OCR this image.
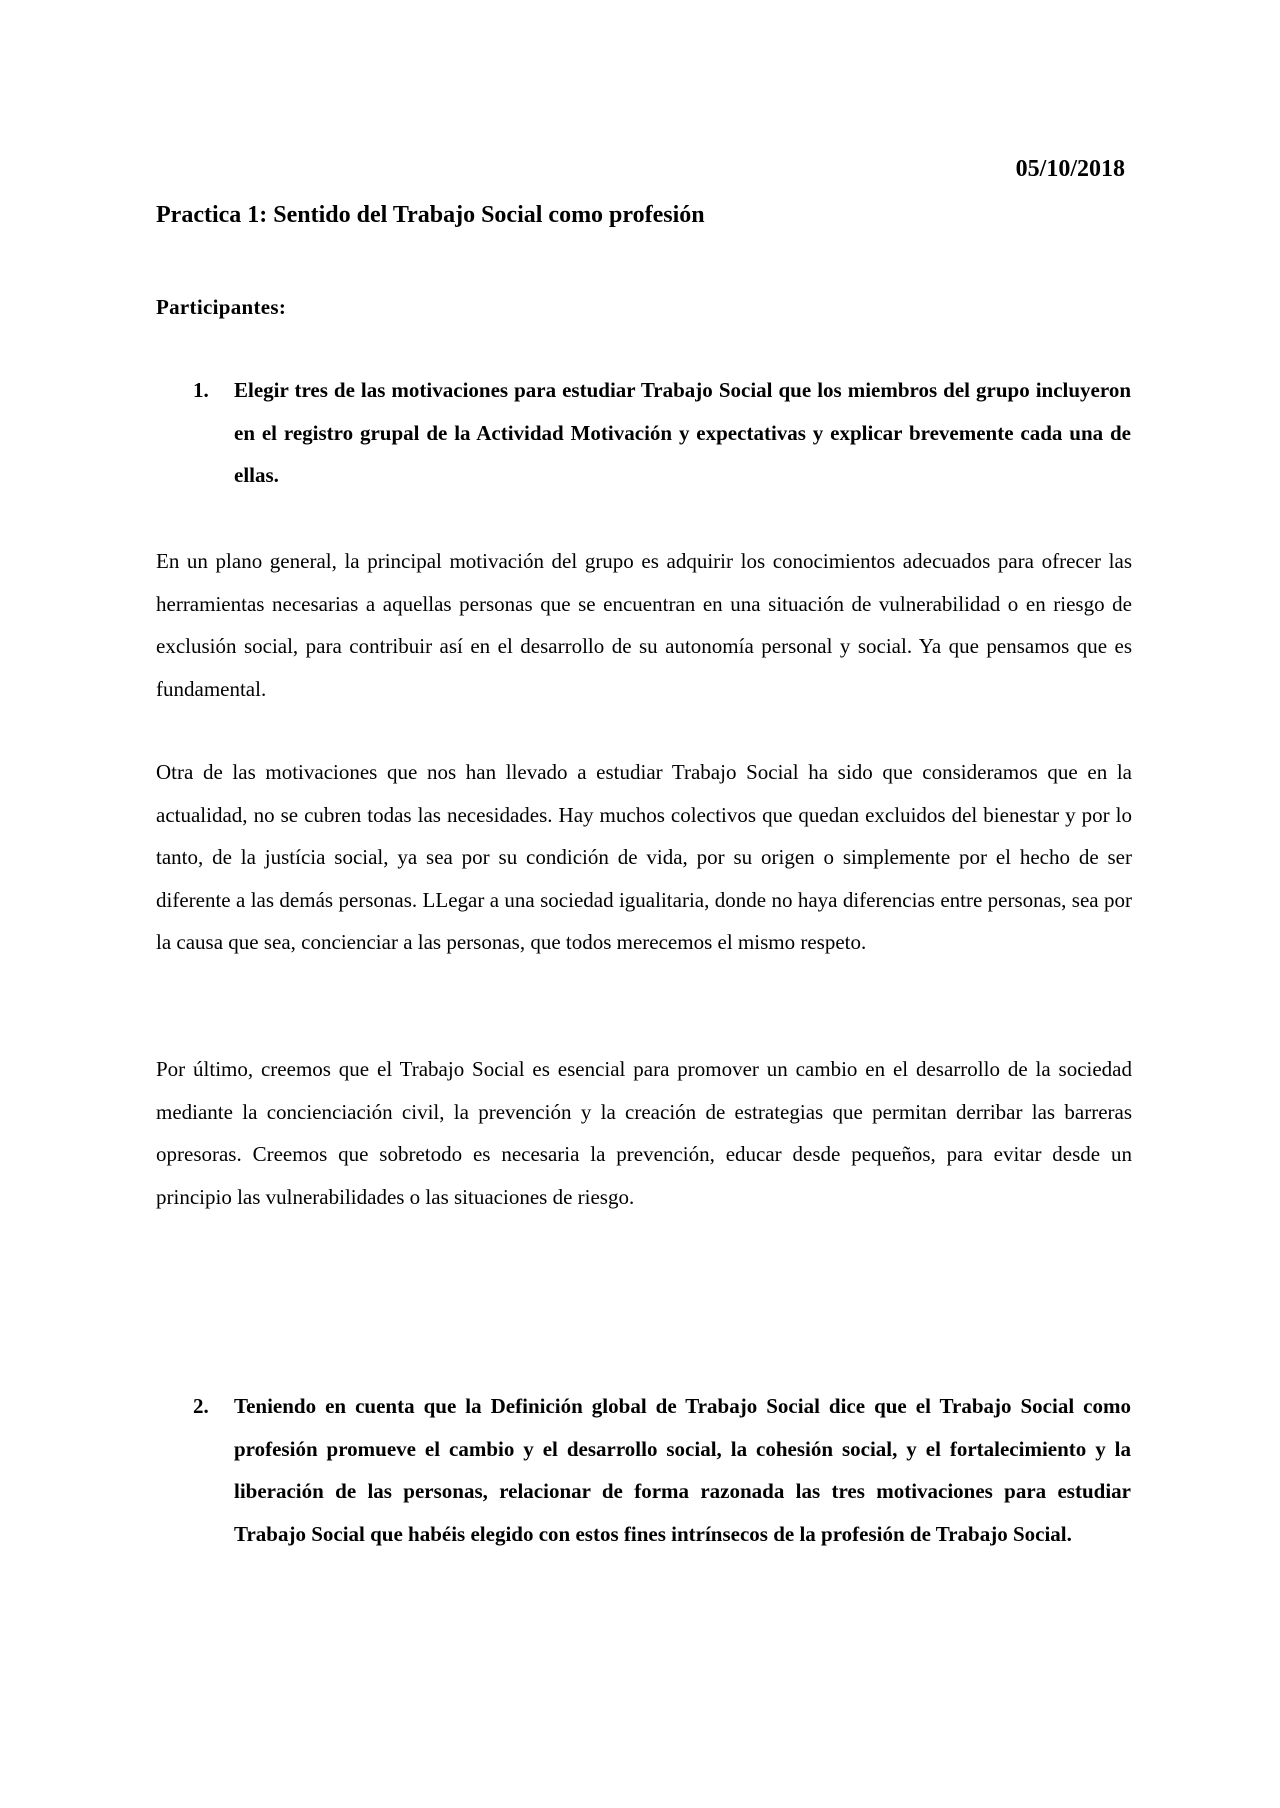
05/10/2018
Practica 1: Sentido del Trabajo Social como profesión
Participantes:
1. Elegir tres de las motivaciones para estudiar Trabajo Social que los miembros del grupo incluyeron en el registro grupal de la Actividad Motivación y expectativas y explicar brevemente cada una de ellas.
En un plano general, la principal motivación del grupo es adquirir los conocimientos adecuados para ofrecer las herramientas necesarias a aquellas personas que se encuentran en una situación de vulnerabilidad o en riesgo de exclusión social, para contribuir así en el desarrollo de su autonomía personal y social. Ya que pensamos que es fundamental.
Otra de las motivaciones que nos han llevado a estudiar Trabajo Social ha sido que consideramos que en la actualidad, no se cubren todas las necesidades. Hay muchos colectivos que quedan excluidos del bienestar y por lo tanto, de la justícia social, ya sea por su condición de vida, por su origen o simplemente por el hecho de ser diferente a las demás personas. LLegar a una sociedad igualitaria, donde no haya diferencias entre personas, sea por la causa que sea, concienciar a las personas, que todos merecemos el mismo respeto.
Por último, creemos que el Trabajo Social es esencial para promover un cambio en el desarrollo de la sociedad mediante la concienciación civil, la prevención y la creación de estrategias que permitan derribar las barreras opresoras. Creemos que sobretodo es necesaria la prevención, educar desde pequeños, para evitar desde un principio las vulnerabilidades o las situaciones de riesgo.
2. Teniendo en cuenta que la Definición global de Trabajo Social dice que el Trabajo Social como profesión promueve el cambio y el desarrollo social, la cohesión social, y el fortalecimiento y la liberación de las personas, relacionar de forma razonada las tres motivaciones para estudiar Trabajo Social que habéis elegido con estos fines intrínsecos de la profesión de Trabajo Social.
